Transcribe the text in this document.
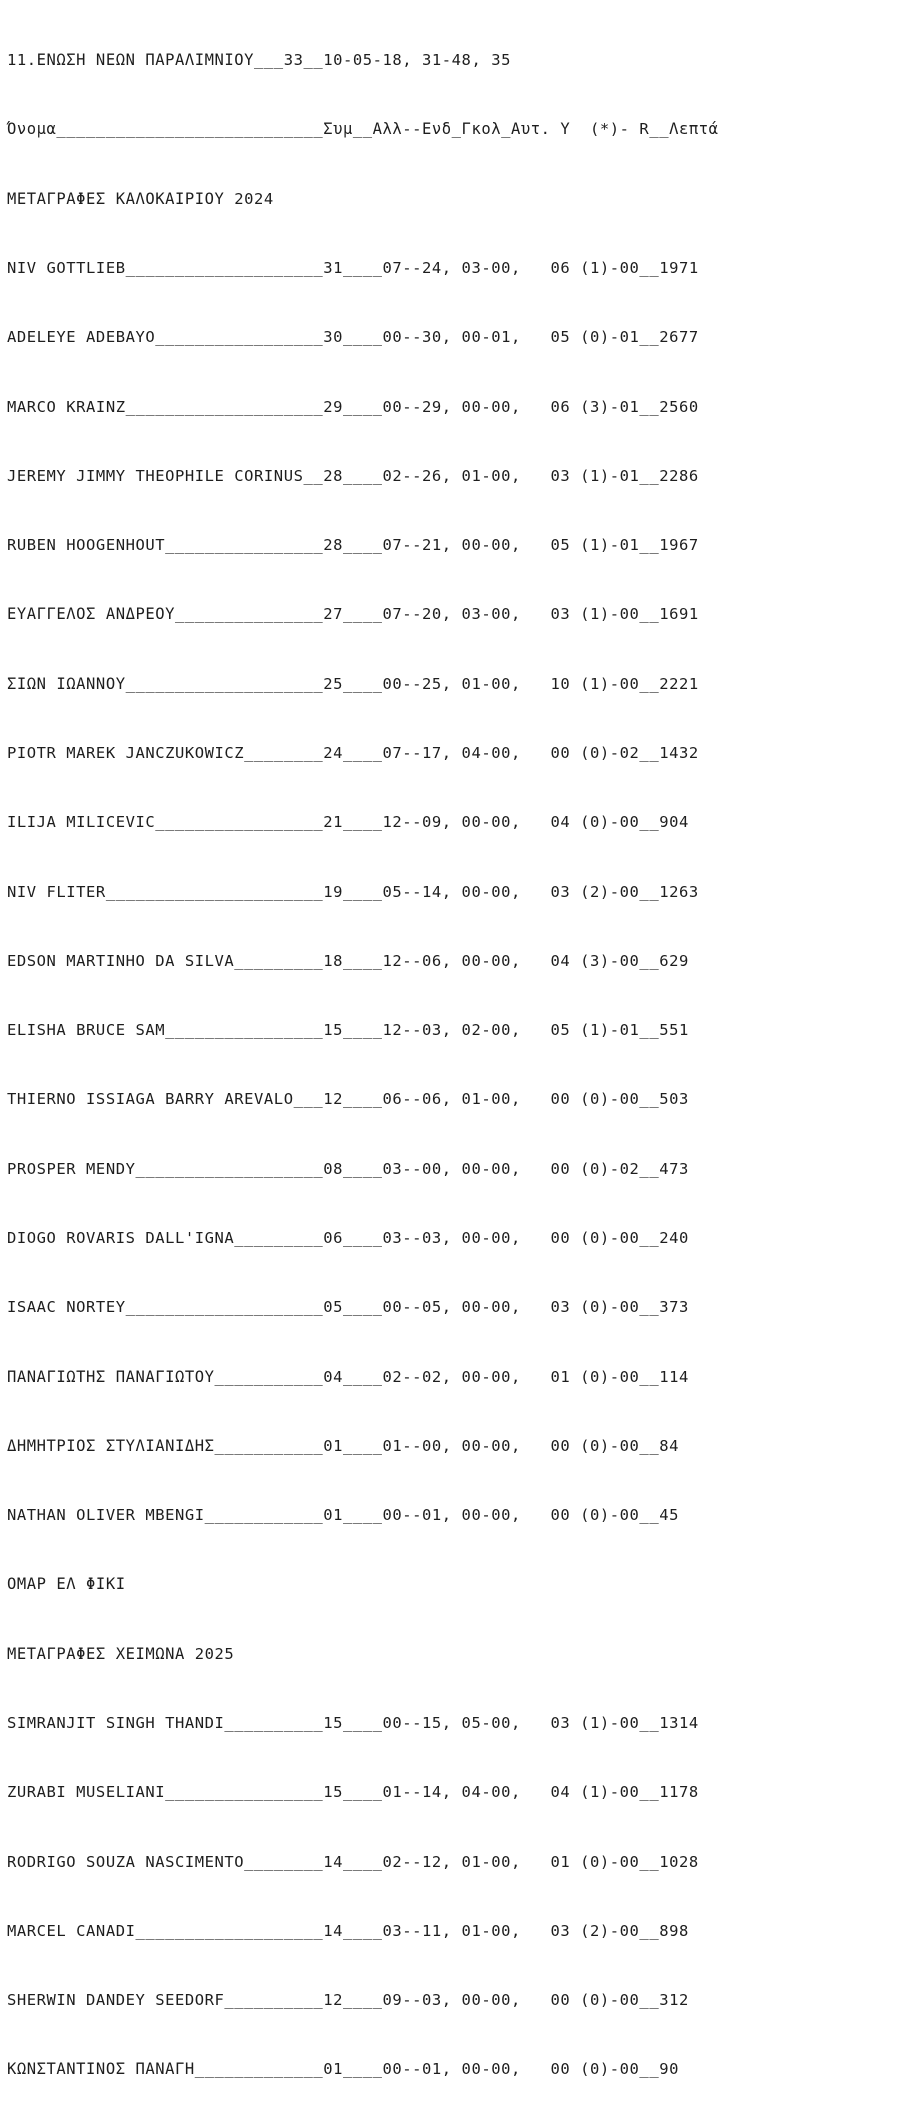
11.ΕΝΩΣΗ ΝΕΩΝ ΠΑΡΑΛΙΜΝΙΟΥ___33__10-05-18, 31-48, 35

Όνομα___________________________Συμ__Αλλ--Ενδ_Γκολ_Αυτ. Υ  (*)- R__Λεπτά

ΜΕΤΑΓΡΑΦΕΣ ΚΑΛΟΚΑΙΡΙΟΥ 2024

NIV GOTTLIEB____________________31____07--24, 03-00,   06 (1)-00__1971

ADELEYE ADEBAYO_________________30____00--30, 00-01,   05 (0)-01__2677

MARCO KRAINZ____________________29____00--29, 00-00,   06 (3)-01__2560

JEREMY JIMMY THEOPHILE CORINUS__28____02--26, 01-00,   03 (1)-01__2286

RUBEN HOOGENHOUT________________28____07--21, 00-00,   05 (1)-01__1967

ΕΥΑΓΓΕΛΟΣ ΑΝΔΡΕΟΥ_______________27____07--20, 03-00,   03 (1)-00__1691

ΣΙΩΝ ΙΩΑΝΝΟΥ____________________25____00--25, 01-00,   10 (1)-00__2221

PIOTR MAREK JANCZUKOWICZ________24____07--17, 04-00,   00 (0)-02__1432

ILIJA MILICEVIC_________________21____12--09, 00-00,   04 (0)-00__904

NIV FLITER______________________19____05--14, 00-00,   03 (2)-00__1263

EDSON MARTINHO DA SILVA_________18____12--06, 00-00,   04 (3)-00__629

ELISHA BRUCE SAM________________15____12--03, 02-00,   05 (1)-01__551

THIERNO ISSIAGA BARRY AREVALO___12____06--06, 01-00,   00 (0)-00__503

PROSPER MENDY___________________08____03--00, 00-00,   00 (0)-02__473

DIOGO ROVARIS DALL'IGNA_________06____03--03, 00-00,   00 (0)-00__240

ISAAC NORTEY____________________05____00--05, 00-00,   03 (0)-00__373

ΠΑΝΑΓΙΩΤΗΣ ΠΑΝΑΓΙΩΤΟΥ___________04____02--02, 00-00,   01 (0)-00__114

ΔΗΜΗΤΡΙΟΣ ΣΤΥΛΙΑΝΙΔΗΣ___________01____01--00, 00-00,   00 (0)-00__84

NATHAN OLIVER MBENGI____________01____00--01, 00-00,   00 (0)-00__45

ΟΜΑΡ ΕΛ ΦΙΚΙ

ΜΕΤΑΓΡΑΦΕΣ ΧΕΙΜΩΝΑ 2025

SIMRANJIT SINGH THANDI__________15____00--15, 05-00,   03 (1)-00__1314

ZURABI MUSELIANI________________15____01--14, 04-00,   04 (1)-00__1178

RODRIGO SOUZA NASCIMENTO________14____02--12, 01-00,   01 (0)-00__1028

MARCEL CANADI___________________14____03--11, 01-00,   03 (2)-00__898

SHERWIN DANDEY SEEDORF__________12____09--03, 00-00,   00 (0)-00__312

ΚΩΝΣΤΑΝΤΙΝΟΣ ΠΑΝΑΓΗ_____________01____00--01, 00-00,   00 (0)-00__90
